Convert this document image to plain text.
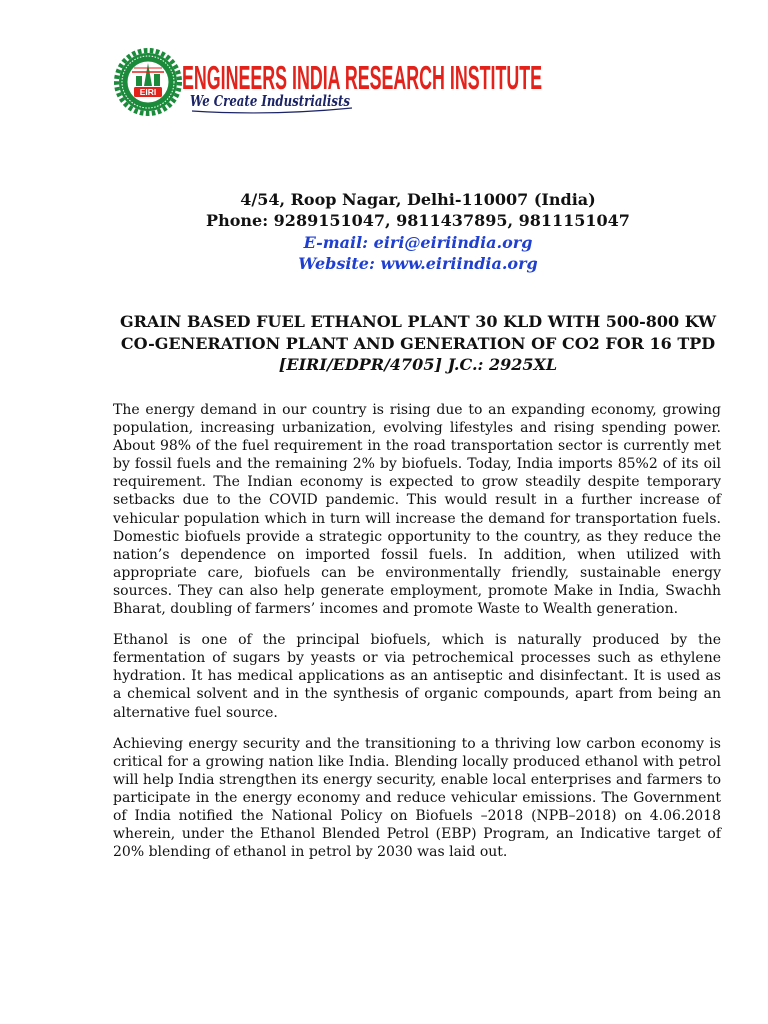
EIRI ENGINEERS INDIA RESEARCH INSTITUTE
We Create Industrialists
4/54, Roop Nagar, Delhi-110007 (India)
Phone: 9289151047, 9811437895, 9811151047
E-mail: eiri@eiriindia.org
Website: www.eiriindia.org
GRAIN BASED FUEL ETHANOL PLANT 30 KLD WITH 500-800 KW
CO-GENERATION PLANT AND GENERATION OF CO2 FOR 16 TPD
[EIRI/EDPR/4705] J.C.: 2925XL

The energy demand in our country is rising due to an expanding economy, growing population, increasing urbanization, evolving lifestyles and rising spending power. About 98% of the fuel requirement in the road transportation sector is currently met by fossil fuels and the remaining 2% by biofuels. Today, India imports 85%2 of its oil requirement. The Indian economy is expected to grow steadily despite temporary setbacks due to the COVID pandemic. This would result in a further increase of vehicular population which in turn will increase the demand for transportation fuels. Domestic biofuels provide a strategic opportunity to the country, as they reduce the nation’s dependence on imported fossil fuels. In addition, when utilized with appropriate care, biofuels can be environmentally friendly, sustainable energy sources. They can also help generate employment, promote Make in India, Swachh Bharat, doubling of farmers’ incomes and promote Waste to Wealth generation.

Ethanol is one of the principal biofuels, which is naturally produced by the fermentation of sugars by yeasts or via petrochemical processes such as ethylene hydration. It has medical applications as an antiseptic and disinfectant. It is used as a chemical solvent and in the synthesis of organic compounds, apart from being an alternative fuel source.

Achieving energy security and the transitioning to a thriving low carbon economy is critical for a growing nation like India. Blending locally produced ethanol with petrol will help India strengthen its energy security, enable local enterprises and farmers to participate in the energy economy and reduce vehicular emissions. The Government of India notified the National Policy on Biofuels –2018 (NPB–2018) on 4.06.2018 wherein, under the Ethanol Blended Petrol (EBP) Program, an Indicative target of 20% blending of ethanol in petrol by 2030 was laid out.
